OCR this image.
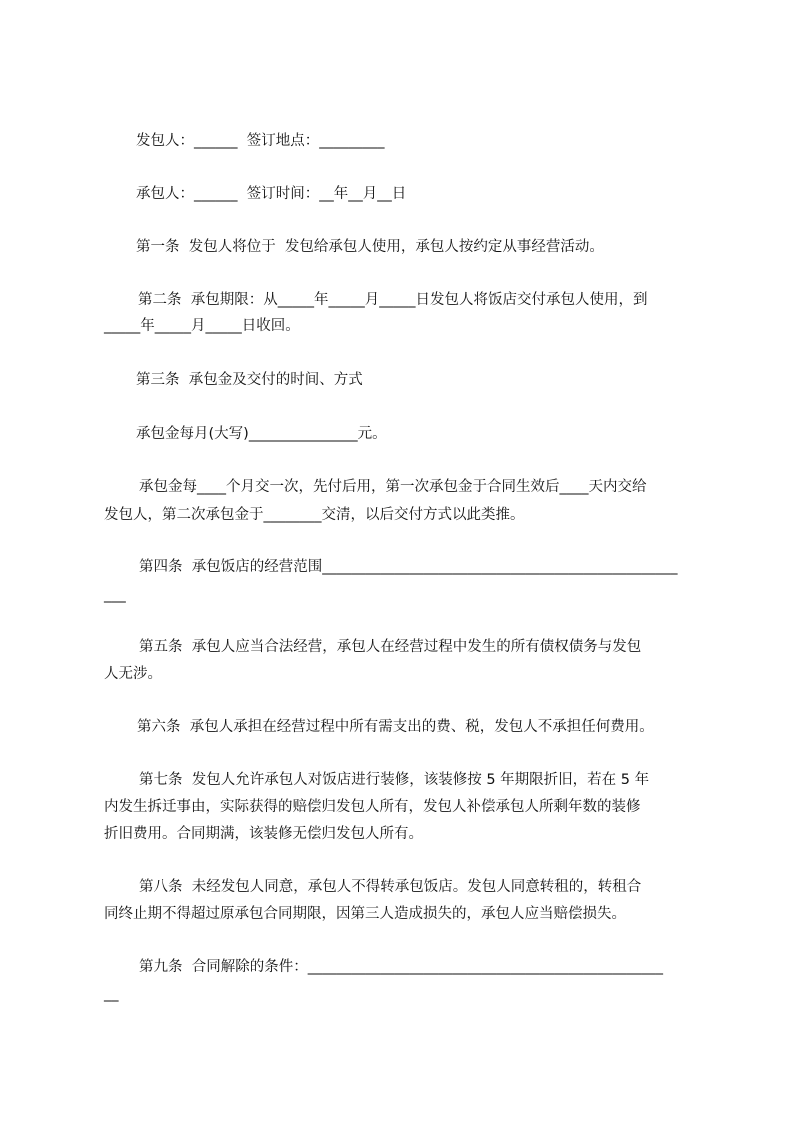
发包人：______  签订地点：_________

承包人：______  签订时间：__年__月__日

第一条  发包人将位于  发包给承包人使用，承包人按约定从事经营活动。

第二条  承包期限：从_____年_____月_____日发包人将饭店交付承包人使用，到

_____年_____月_____日收回。

第三条  承包金及交付的时间、方式

承包金每月(大写)_______________元。

承包金每____个月交一次，先付后用，第一次承包金于合同生效后____天内交给

发包人，第二次承包金于________交清，以后交付方式以此类推。

第四条  承包饭店的经营范围_________________________________________________

___

第五条  承包人应当合法经营，承包人在经营过程中发生的所有债权债务与发包

人无涉。

第六条  承包人承担在经营过程中所有需支出的费、税，发包人不承担任何费用。

第七条  发包人允许承包人对饭店进行装修，该装修按 5 年期限折旧，若在 5 年

内发生拆迁事由，实际获得的赔偿归发包人所有，发包人补偿承包人所剩年数的装修

折旧费用。合同期满，该装修无偿归发包人所有。

第八条  未经发包人同意，承包人不得转承包饭店。发包人同意转租的，转租合

同终止期不得超过原承包合同期限，因第三人造成损失的，承包人应当赔偿损失。

第九条  合同解除的条件：_________________________________________________

__
